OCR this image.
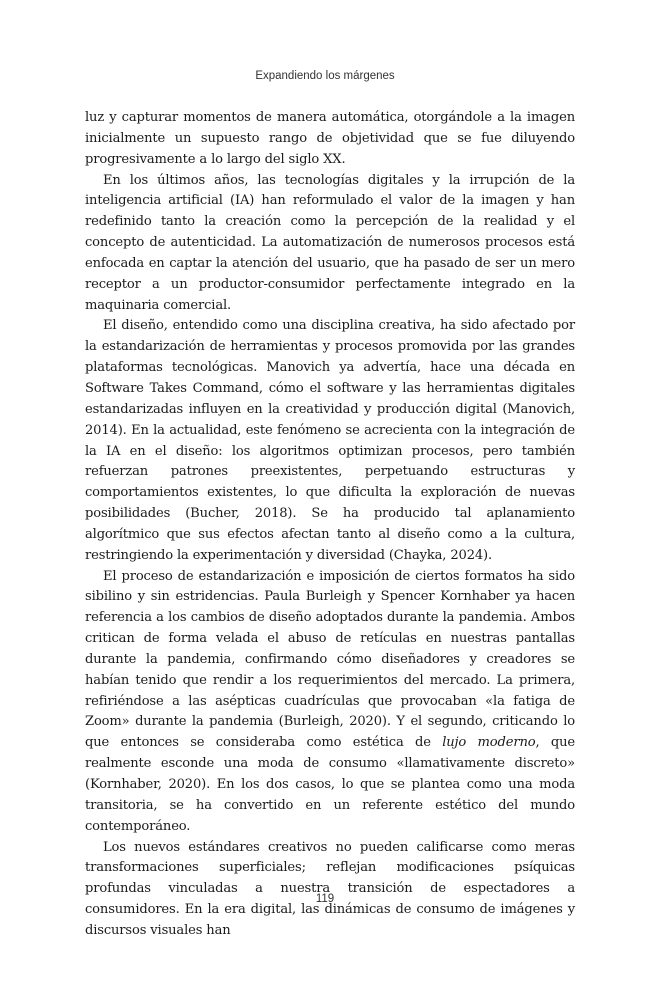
Expandiendo los márgenes

luz y capturar momentos de manera automática, otorgándole a la imagen inicialmente un supuesto rango de objetividad que se fue diluyendo progresivamente a lo largo del siglo XX.

En los últimos años, las tecnologías digitales y la irrupción de la inteligencia artificial (IA) han reformulado el valor de la imagen y han redefinido tanto la creación como la percepción de la realidad y el concepto de autenticidad. La automatización de numerosos procesos está enfocada en captar la atención del usuario, que ha pasado de ser un mero receptor a un productor-consumidor perfectamente integrado en la maquinaria comercial.

El diseño, entendido como una disciplina creativa, ha sido afectado por la estandarización de herramientas y procesos promovida por las grandes plataformas tecnológicas. Manovich ya advertía, hace una década en Software Takes Command, cómo el software y las herramientas digitales estandarizadas influyen en la creatividad y producción digital (Manovich, 2014). En la actualidad, este fenómeno se acrecienta con la integración de la IA en el diseño: los algoritmos optimizan procesos, pero también refuerzan patrones preexistentes, perpetuando estructuras y comportamientos existentes, lo que dificulta la exploración de nuevas posibilidades (Bucher, 2018). Se ha producido tal aplanamiento algorítmico que sus efectos afectan tanto al diseño como a la cultura, restringiendo la experimentación y diversidad (Chayka, 2024).

El proceso de estandarización e imposición de ciertos formatos ha sido sibilino y sin estridencias. Paula Burleigh y Spencer Kornhaber ya hacen referencia a los cambios de diseño adoptados durante la pandemia. Ambos critican de forma velada el abuso de retículas en nuestras pantallas durante la pandemia, confirmando cómo diseñadores y creadores se habían tenido que rendir a los requerimientos del mercado. La primera, refiriéndose a las asépticas cuadrículas que provocaban «la fatiga de Zoom» durante la pandemia (Burleigh, 2020). Y el segundo, criticando lo que entonces se consideraba como estética de lujo moderno, que realmente esconde una moda de consumo «llamativamente discreto» (Kornhaber, 2020). En los dos casos, lo que se plantea como una moda transitoria, se ha convertido en un referente estético del mundo contemporáneo.

Los nuevos estándares creativos no pueden calificarse como meras transformaciones superficiales; reflejan modificaciones psíquicas profundas vinculadas a nuestra transición de espectadores a consumidores. En la era digital, las dinámicas de consumo de imágenes y discursos visuales han

119
